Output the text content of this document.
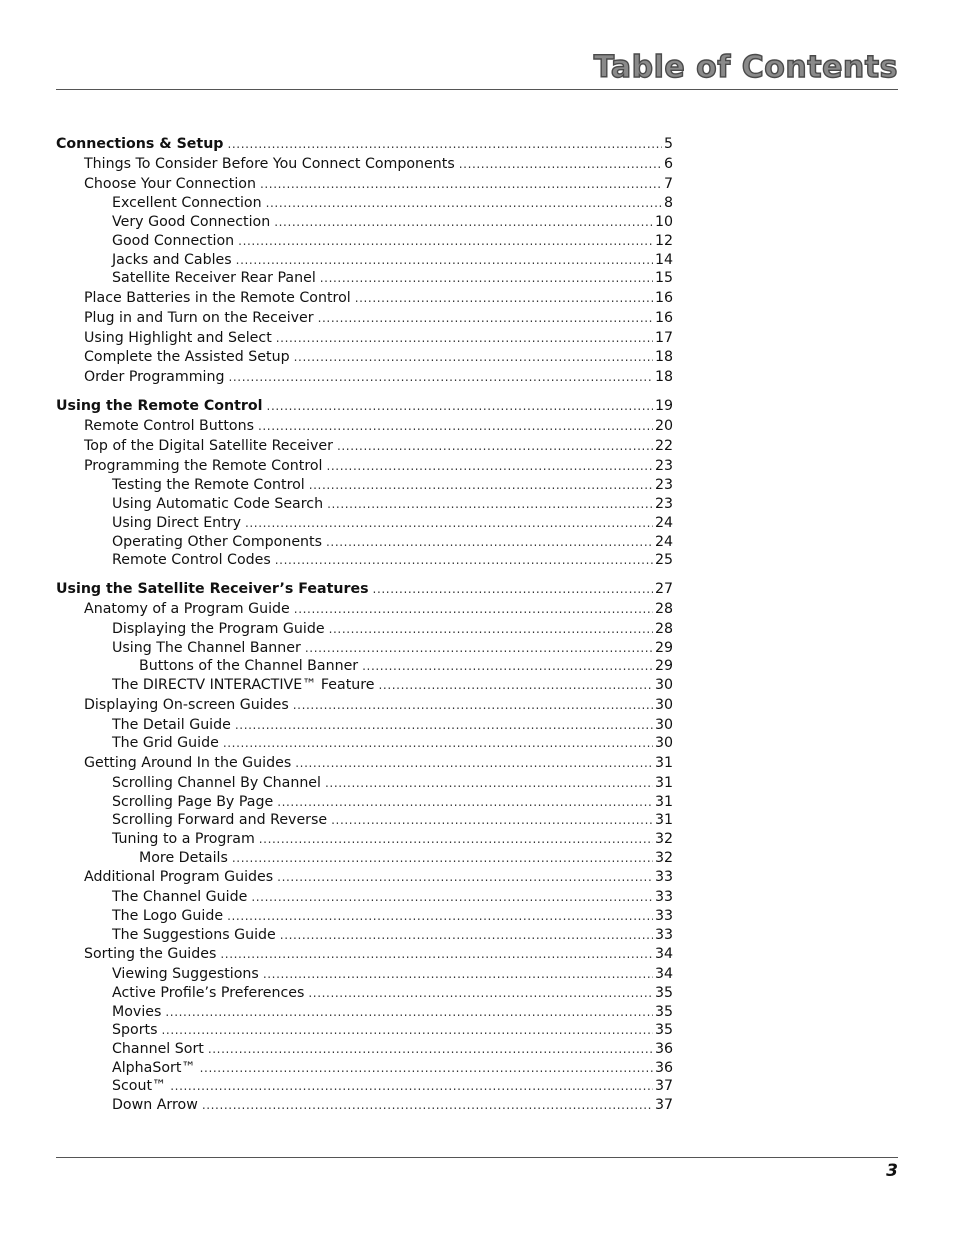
Table of Contents
Connections & Setup .....	5
Things To Consider Before You Connect Components .....	6
Choose Your Connection .....	7
Excellent Connection .....	8
Very Good Connection .....	10
Good Connection .....	12
Jacks and Cables .....	14
Satellite Receiver Rear Panel .....	15
Place Batteries in the Remote Control .....	16
Plug in and Turn on the Receiver .....	16
Using Highlight and Select .....	17
Complete the Assisted Setup .....	18
Order Programming .....	18
Using the Remote Control .....	19
Remote Control Buttons .....	20
Top of the Digital Satellite Receiver .....	22
Programming the Remote Control .....	23
Testing the Remote Control .....	23
Using Automatic Code Search .....	23
Using Direct Entry .....	24
Operating Other Components .....	24
Remote Control Codes .....	25
Using the Satellite Receiver’s Features .....	27
Anatomy of a Program Guide .....	28
Displaying the Program Guide .....	28
Using The Channel Banner .....	29
Buttons of the Channel Banner .....	29
The DIRECTV INTERACTIVE™ Feature .....	30
Displaying On-screen Guides .....	30
The Detail Guide .....	30
The Grid Guide .....	30
Getting Around In the Guides .....	31
Scrolling Channel By Channel .....	31
Scrolling Page By Page .....	31
Scrolling Forward and Reverse .....	31
Tuning to a Program .....	32
More Details .....	32
Additional Program Guides .....	33
The Channel Guide .....	33
The Logo Guide .....	33
The Suggestions Guide .....	33
Sorting the Guides .....	34
Viewing Suggestions .....	34
Active Profile’s Preferences .....	35
Movies .....	35
Sports .....	35
Channel Sort .....	36
AlphaSort™ .....	36
Scout™ .....	37
Down Arrow .....	37
3
